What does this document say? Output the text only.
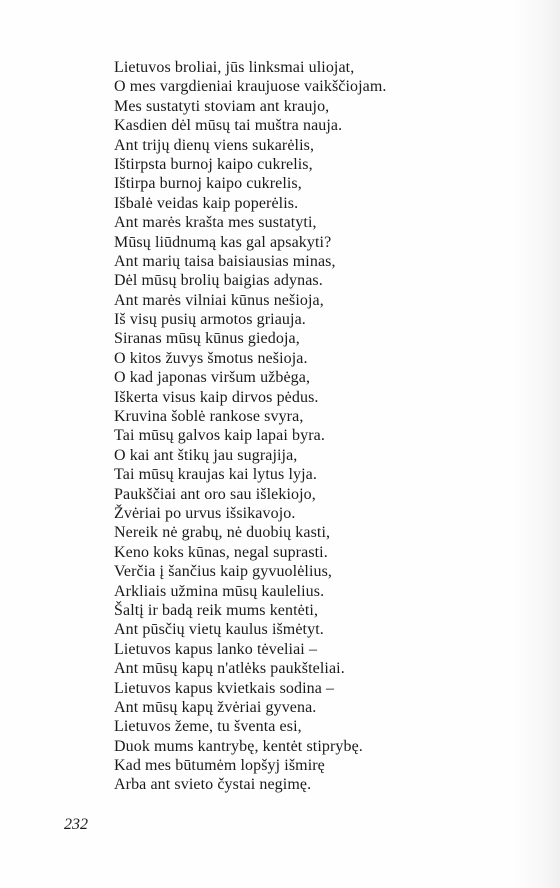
Lietuvos broliai, jūs linksmai uliojat,
O mes vargdieniai kraujuose vaikščiojam.
Mes sustatyti stoviam ant kraujo,
Kasdien dėl mūsų tai muštra nauja.
Ant trijų dienų viens sukarėlis,
Ištirpsta burnoj kaipo cukrelis,
Ištirpa burnoj kaipo cukrelis,
Išbalė veidas kaip poperėlis.
Ant marės krašta mes sustatyti,
Mūsų liūdnumą kas gal apsakyti?
Ant marių taisa baisiausias minas,
Dėl mūsų brolių baigias adynas.
Ant marės vilniai kūnus nešioja,
Iš visų pusių armotos griauja.
Siranas mūsų kūnus giedoja,
O kitos žuvys šmotus nešioja.
O kad japonas viršum užbėga,
Iškerta visus kaip dirvos pėdus.
Kruvina šoblė rankose svyra,
Tai mūsų galvos kaip lapai byra.
O kai ant štikų jau sugrajija,
Tai mūsų kraujas kai lytus lyja.
Paukščiai ant oro sau išlekiojo,
Žvėriai po urvus išsikavojo.
Nereik nė grabų, nė duobių kasti,
Keno koks kūnas, negal suprasti.
Verčia į šančius kaip gyvuolėlius,
Arkliais užmina mūsų kaulelius.
Šaltį ir badą reik mums kentėti,
Ant pūsčių vietų kaulus išmėtyt.
Lietuvos kapus lanko tėveliai –
Ant mūsų kapų n'atlėks paukšteliai.
Lietuvos kapus kvietkais sodina –
Ant mūsų kapų žvėriai gyvena.
Lietuvos žeme, tu šventa esi,
Duok mums kantrybę, kentėt stiprybę.
Kad mes būtumėm lopšyj išmirę
Arba ant svieto čystai negimę.
232
